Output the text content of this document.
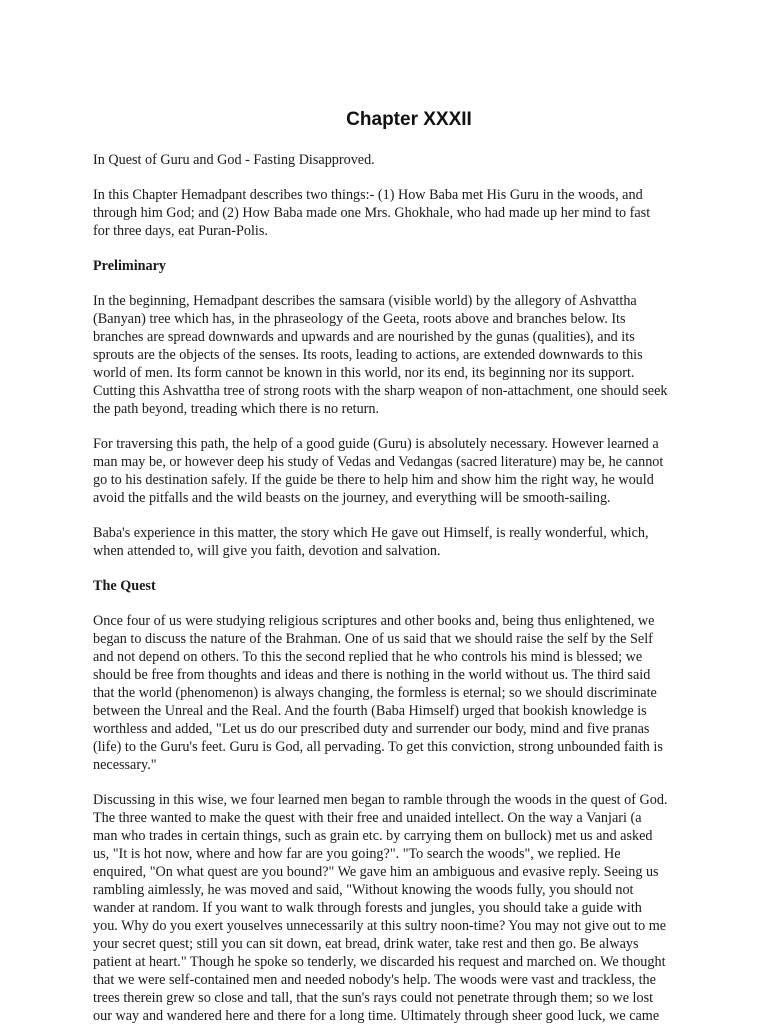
Chapter XXXII

In Quest of Guru and God - Fasting Disapproved.

In this Chapter Hemadpant describes two things:- (1) How Baba met His Guru in the woods, and
through him God; and (2) How Baba made one Mrs. Ghokhale, who had made up her mind to fast
for three days, eat Puran-Polis.

Preliminary

In the beginning, Hemadpant describes the samsara (visible world) by the allegory of Ashvattha
(Banyan) tree which has, in the phraseology of the Geeta, roots above and branches below. Its
branches are spread downwards and upwards and are nourished by the gunas (qualities), and its
sprouts are the objects of the senses. Its roots, leading to actions, are extended downwards to this
world of men. Its form cannot be known in this world, nor its end, its beginning nor its support.
Cutting this Ashvattha tree of strong roots with the sharp weapon of non-attachment, one should seek
the path beyond, treading which there is no return.

For traversing this path, the help of a good guide (Guru) is absolutely necessary. However learned a
man may be, or however deep his study of Vedas and Vedangas (sacred literature) may be, he cannot
go to his destination safely. If the guide be there to help him and show him the right way, he would
avoid the pitfalls and the wild beasts on the journey, and everything will be smooth-sailing.

Baba's experience in this matter, the story which He gave out Himself, is really wonderful, which,
when attended to, will give you faith, devotion and salvation.

The Quest

Once four of us were studying religious scriptures and other books and, being thus enlightened, we
began to discuss the nature of the Brahman. One of us said that we should raise the self by the Self
and not depend on others. To this the second replied that he who controls his mind is blessed; we
should be free from thoughts and ideas and there is nothing in the world without us. The third said
that the world (phenomenon) is always changing, the formless is eternal; so we should discriminate
between the Unreal and the Real. And the fourth (Baba Himself) urged that bookish knowledge is
worthless and added, "Let us do our prescribed duty and surrender our body, mind and five pranas
(life) to the Guru's feet. Guru is God, all pervading. To get this conviction, strong unbounded faith is
necessary."

Discussing in this wise, we four learned men began to ramble through the woods in the quest of God.
The three wanted to make the quest with their free and unaided intellect. On the way a Vanjari (a
man who trades in certain things, such as grain etc. by carrying them on bullock) met us and asked
us, "It is hot now, where and how far are you going?". "To search the woods", we replied. He
enquired, "On what quest are you bound?" We gave him an ambiguous and evasive reply. Seeing us
rambling aimlessly, he was moved and said, "Without knowing the woods fully, you should not
wander at random. If you want to walk through forests and jungles, you should take a guide with
you. Why do you exert youselves unnecessarily at this sultry noon-time? You may not give out to me
your secret quest; still you can sit down, eat bread, drink water, take rest and then go. Be always
patient at heart." Though he spoke so tenderly, we discarded his request and marched on. We thought
that we were self-contained men and needed nobody's help. The woods were vast and trackless, the
trees therein grew so close and tall, that the sun's rays could not penetrate through them; so we lost
our way and wandered here and there for a long time. Ultimately through sheer good luck, we came
